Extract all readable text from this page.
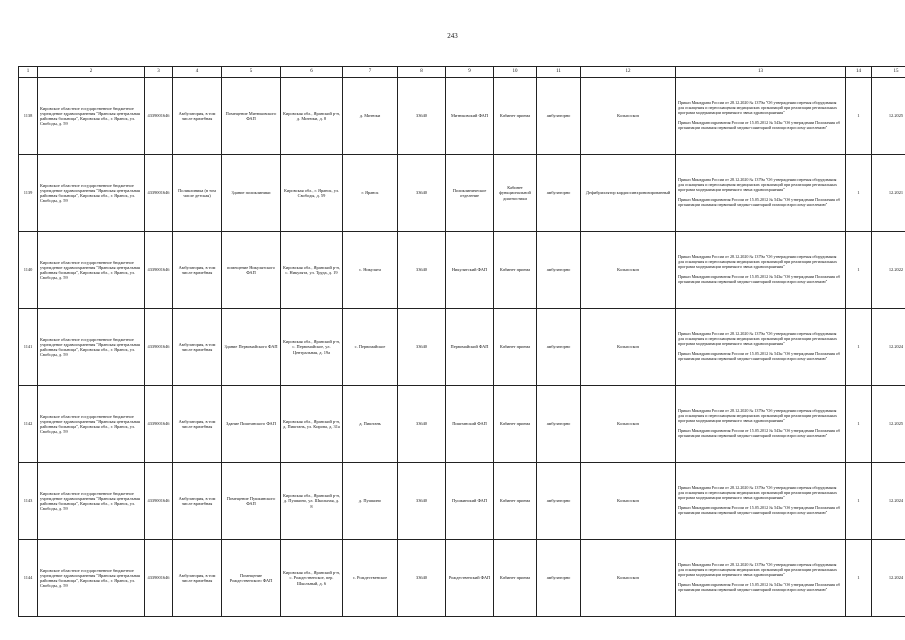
243
1	2	3	4	5	6	7	8	9	10	11	12	13	14	15
1138	Кировское областное государственное бюджетное учреждение здравоохранения "Яранская центральная районная больница", Кировская обл., г. Яранск, ул. Свободы, д. 59	4339001646	Амбулатория, в том числе врачебная	Помещение Митюковского ФАП	Кировская обл., Яранский р-н, д. Митюки, д. 8	д. Митюки	33640	Митюковский ФАП	Кабинет приема	амбулаторно	Кольпоскоп	Приказ Минздрава России от 28.12.2020 № 1379н "Об утверждении перечня оборудования для оснащения и переоснащения медицинских организаций при реализации региональных программ модернизации первичного звена здравоохранения"
Приказ Минздравсоцразвития России от 15.05.2012 № 543н "Об утверждении Положения об организации оказания первичной медико-санитарной помощи взрослому населению"	1	12.2025
1139	Кировское областное государственное бюджетное учреждение здравоохранения "Яранская центральная районная больница", Кировская обл., г. Яранск, ул. Свободы, д. 59	4339001646	Поликлиника (в том числе детская)	Здание поликлиники	Кировская обл., г. Яранск, ул. Свободы, д. 59	г. Яранск	33640	Поликлиническое отделение	Кабинет функциональной диагностики	амбулаторно	Дефибриллятор кардиосинхронизированный	Приказ Минздрава России от 28.12.2020 № 1379н "Об утверждении перечня оборудования для оснащения и переоснащения медицинских организаций при реализации региональных программ модернизации первичного звена здравоохранения"
Приказ Минздравсоцразвития России от 15.05.2012 № 543н "Об утверждении Положения об организации оказания первичной медико-санитарной помощи взрослому населению"	1	12.2021
1140	Кировское областное государственное бюджетное учреждение здравоохранения "Яранская центральная районная больница", Кировская обл., г. Яранск, ул. Свободы, д. 59	4339001646	Амбулатория, в том числе врачебная	помещение Никулятского ФАП	Кировская обл., Яранский р-н, с. Никулята, ул. Труда, д. 19	с. Никулята	33640	Никулятский ФАП	Кабинет приема	амбулаторно	Кольпоскоп	Приказ Минздрава России от 28.12.2020 № 1379н "Об утверждении перечня оборудования для оснащения и переоснащения медицинских организаций при реализации региональных программ модернизации первичного звена здравоохранения"
Приказ Минздравсоцразвития России от 15.05.2012 № 543н "Об утверждении Положения об организации оказания первичной медико-санитарной помощи взрослому населению"	1	12.2022
1141	Кировское областное государственное бюджетное учреждение здравоохранения "Яранская центральная районная больница", Кировская обл., г. Яранск, ул. Свободы, д. 59	4339001646	Амбулатория, в том числе врачебная	Здание Первомайского ФАП	Кировская обл., Яранский р-н, с. Первомайское, ул. Центральная, д. 19а	с. Первомайское	33640	Первомайский ФАП	Кабинет приема	амбулаторно	Кольпоскоп	Приказ Минздрава России от 28.12.2020 № 1379н "Об утверждении перечня оборудования для оснащения и переоснащения медицинских организаций при реализации региональных программ модернизации первичного звена здравоохранения"
Приказ Минздравсоцразвития России от 15.05.2012 № 543н "Об утверждении Положения об организации оказания первичной медико-санитарной помощи взрослому населению"	1	12.2024
1142	Кировское областное государственное бюджетное учреждение здравоохранения "Яранская центральная районная больница", Кировская обл., г. Яранск, ул. Свободы, д. 59	4339001646	Амбулатория, в том числе врачебная	Здание Пиштанского ФАП	Кировская обл., Яранский р-н, д. Пиштань, ул. Кирова, д. 31а	д. Пиштань	33640	Пиштанский ФАП	Кабинет приема	амбулаторно	Кольпоскоп	Приказ Минздрава России от 28.12.2020 № 1379н "Об утверждении перечня оборудования для оснащения и переоснащения медицинских организаций при реализации региональных программ модернизации первичного звена здравоохранения"
Приказ Минздравсоцразвития России от 15.05.2012 № 543н "Об утверждении Положения об организации оказания первичной медико-санитарной помощи взрослому населению"	1	12.2025
1143	Кировское областное государственное бюджетное учреждение здравоохранения "Яранская центральная районная больница", Кировская обл., г. Яранск, ул. Свободы, д. 59	4339001646	Амбулатория, в том числе врачебная	Помещение Пушкинского ФАП	Кировская обл., Яранский р-н, д. Пушкино, ул. Школьная, д. 8	д. Пушкино	33640	Пушкинский ФАП	Кабинет приема	амбулаторно	Кольпоскоп	Приказ Минздрава России от 28.12.2020 № 1379н "Об утверждении перечня оборудования для оснащения и переоснащения медицинских организаций при реализации региональных программ модернизации первичного звена здравоохранения"
Приказ Минздравсоцразвития России от 15.05.2012 № 543н "Об утверждении Положения об организации оказания первичной медико-санитарной помощи взрослому населению"	1	12.2024
1144	Кировское областное государственное бюджетное учреждение здравоохранения "Яранская центральная районная больница", Кировская обл., г. Яранск, ул. Свободы, д. 59	4339001646	Амбулатория, в том числе врачебная	Помещение Рождественского ФАП	Кировская обл., Яранский р-н, с. Рождественское, пер. Школьный, д. 6	с. Рождественское	33640	Рождественский ФАП	Кабинет приема	амбулаторно	Кольпоскоп	Приказ Минздрава России от 28.12.2020 № 1379н "Об утверждении перечня оборудования для оснащения и переоснащения медицинских организаций при реализации региональных программ модернизации первичного звена здравоохранения"
Приказ Минздравсоцразвития России от 15.05.2012 № 543н "Об утверждении Положения об организации оказания первичной медико-санитарной помощи взрослому населению"	1	12.2024
